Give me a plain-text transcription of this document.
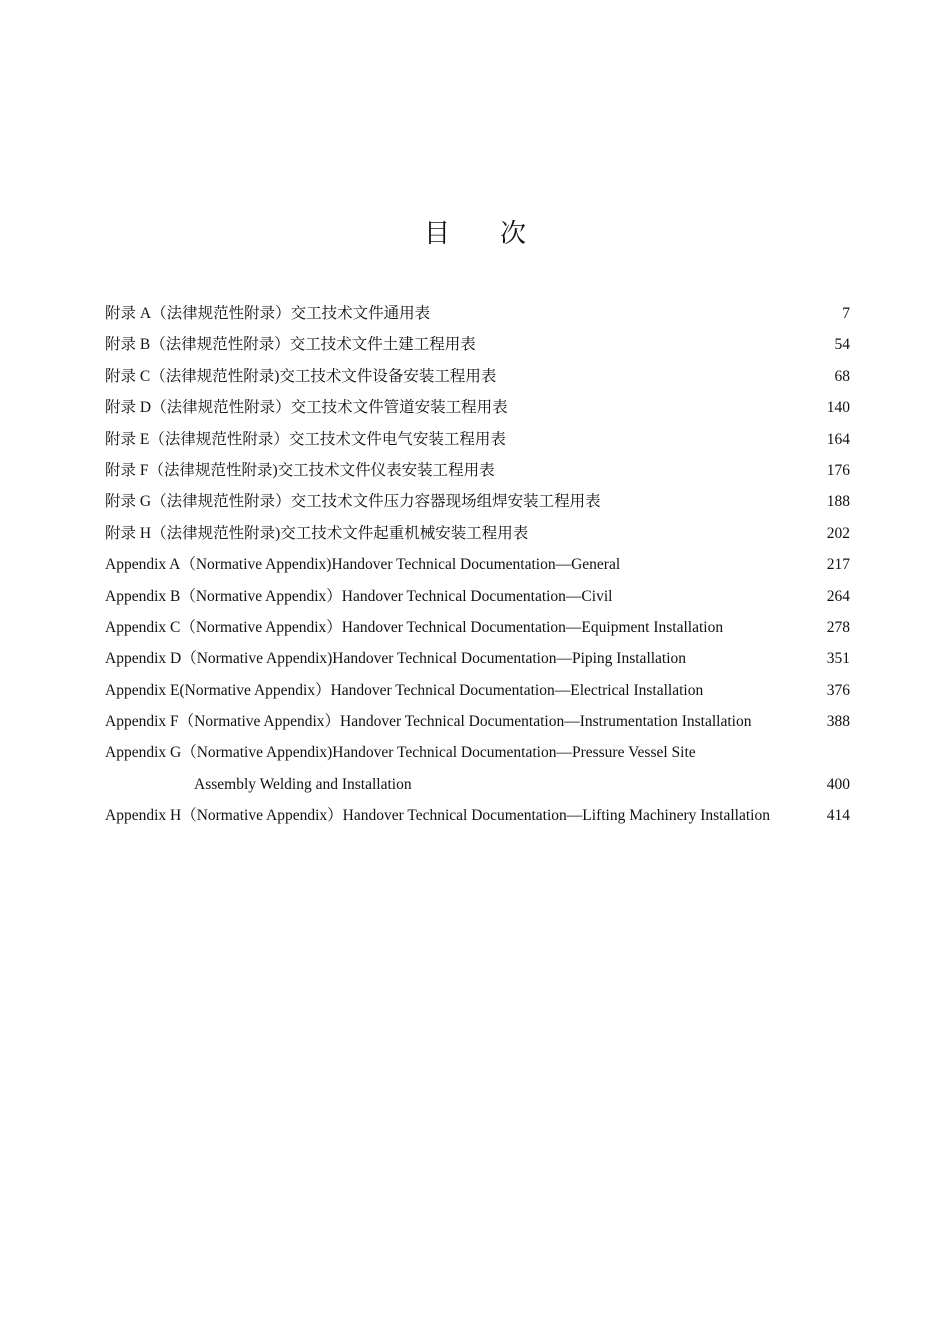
目 次
附录 A（法律规范性附录）交工技术文件通用表	7
附录 B（法律规范性附录）交工技术文件土建工程用表	54
附录 C（法律规范性附录)交工技术文件设备安装工程用表	68
附录 D（法律规范性附录）交工技术文件管道安装工程用表	140
附录 E（法律规范性附录）交工技术文件电气安装工程用表	164
附录 F（法律规范性附录)交工技术文件仪表安装工程用表	176
附录 G（法律规范性附录）交工技术文件压力容器现场组焊安装工程用表	188
附录 H（法律规范性附录)交工技术文件起重机械安装工程用表	202
Appendix A（Normative Appendix)Handover Technical Documentation—General	217
Appendix B（Normative Appendix）Handover Technical Documentation—Civil	264
Appendix C（Normative Appendix）Handover Technical Documentation—Equipment Installation	278
Appendix D（Normative Appendix)Handover Technical Documentation—Piping Installation	351
Appendix E(Normative Appendix）Handover Technical Documentation—Electrical Installation	376
Appendix F（Normative Appendix）Handover Technical Documentation—Instrumentation Installation	388
Appendix G（Normative Appendix)Handover Technical Documentation—Pressure Vessel Site
Assembly Welding and Installation	400
Appendix H（Normative Appendix）Handover Technical Documentation—Lifting Machinery Installation	414
